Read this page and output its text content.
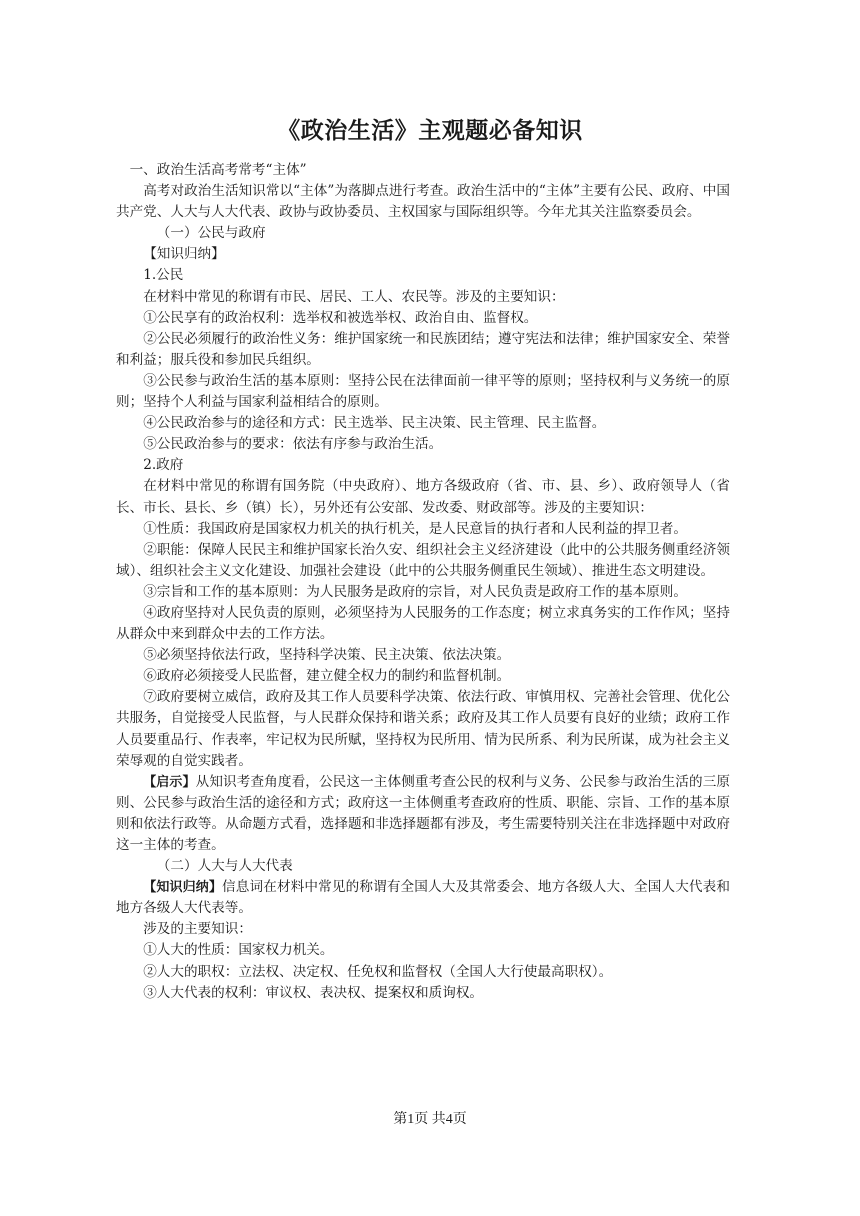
《政治生活》主观题必备知识

一、政治生活高考常考“主体”

高考对政治生活知识常以“主体”为落脚点进行考查。政治生活中的“主体”主要有公民、政府、中国共产党、人大与人大代表、政协与政协委员、主权国家与国际组织等。今年尤其关注监察委员会。

（一）公民与政府

【知识归纳】

1.公民

在材料中常见的称谓有市民、居民、工人、农民等。涉及的主要知识：

①公民享有的政治权利：选举权和被选举权、政治自由、监督权。

②公民必须履行的政治性义务：维护国家统一和民族团结；遵守宪法和法律；维护国家安全、荣誉和利益；服兵役和参加民兵组织。

③公民参与政治生活的基本原则：坚持公民在法律面前一律平等的原则；坚持权利与义务统一的原则；坚持个人利益与国家利益相结合的原则。

④公民政治参与的途径和方式：民主选举、民主决策、民主管理、民主监督。

⑤公民政治参与的要求：依法有序参与政治生活。

2.政府

在材料中常见的称谓有国务院（中央政府）、地方各级政府（省、市、县、乡）、政府领导人（省长、市长、县长、乡（镇）长），另外还有公安部、发改委、财政部等。涉及的主要知识：

①性质：我国政府是国家权力机关的执行机关，是人民意旨的执行者和人民利益的捍卫者。

②职能：保障人民民主和维护国家长治久安、组织社会主义经济建设（此中的公共服务侧重经济领域）、组织社会主义文化建设、加强社会建设（此中的公共服务侧重民生领域）、推进生态文明建设。

③宗旨和工作的基本原则：为人民服务是政府的宗旨，对人民负责是政府工作的基本原则。

④政府坚持对人民负责的原则，必须坚持为人民服务的工作态度；树立求真务实的工作作风；坚持从群众中来到群众中去的工作方法。

⑤必须坚持依法行政，坚持科学决策、民主决策、依法决策。

⑥政府必须接受人民监督，建立健全权力的制约和监督机制。

⑦政府要树立威信，政府及其工作人员要科学决策、依法行政、审慎用权、完善社会管理、优化公共服务，自觉接受人民监督，与人民群众保持和谐关系；政府及其工作人员要有良好的业绩；政府工作人员要重品行、作表率，牢记权为民所赋，坚持权为民所用、情为民所系、利为民所谋，成为社会主义荣辱观的自觉实践者。

【启示】从知识考查角度看，公民这一主体侧重考查公民的权利与义务、公民参与政治生活的三原则、公民参与政治生活的途径和方式；政府这一主体侧重考查政府的性质、职能、宗旨、工作的基本原则和依法行政等。从命题方式看，选择题和非选择题都有涉及，考生需要特别关注在非选择题中对政府这一主体的考查。

（二）人大与人大代表

【知识归纳】信息词在材料中常见的称谓有全国人大及其常委会、地方各级人大、全国人大代表和地方各级人大代表等。

涉及的主要知识：

①人大的性质：国家权力机关。

②人大的职权：立法权、决定权、任免权和监督权（全国人大行使最高职权）。

③人大代表的权利：审议权、表决权、提案权和质询权。

第1页 共4页
